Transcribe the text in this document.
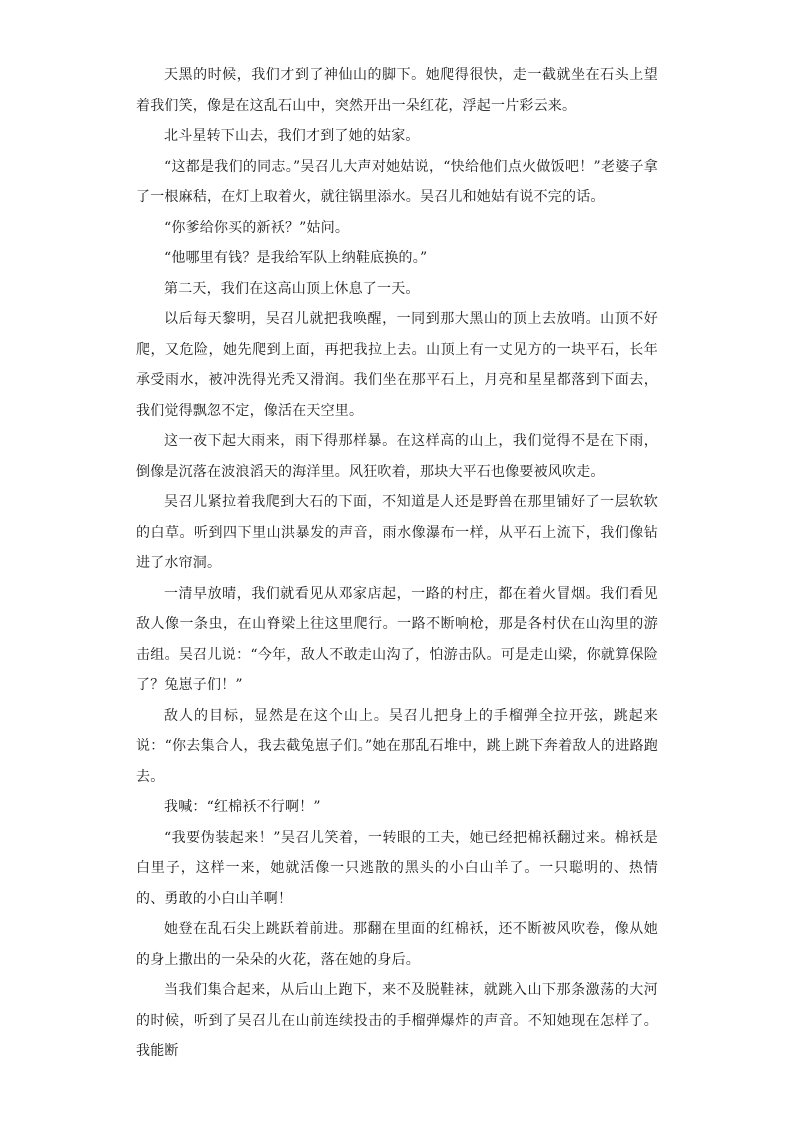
天黑的时候，我们才到了神仙山的脚下。她爬得很快，走一截就坐在石头上望着我们笑，像是在这乱石山中，突然开出一朵红花，浮起一片彩云来。

北斗星转下山去，我们才到了她的姑家。

“这都是我们的同志。”吴召儿大声对她姑说，“快给他们点火做饭吧！”老婆子拿了一根麻秸，在灯上取着火，就往锅里添水。吴召儿和她姑有说不完的话。

“你爹给你买的新袄？”姑问。

“他哪里有钱？是我给军队上纳鞋底换的。”

第二天，我们在这高山顶上休息了一天。

以后每天黎明，吴召儿就把我唤醒，一同到那大黑山的顶上去放哨。山顶不好爬，又危险，她先爬到上面，再把我拉上去。山顶上有一丈见方的一块平石，长年承受雨水，被冲洗得光秃又滑润。我们坐在那平石上，月亮和星星都落到下面去，我们觉得飘忽不定，像活在天空里。

这一夜下起大雨来，雨下得那样暴。在这样高的山上，我们觉得不是在下雨，倒像是沉落在波浪滔天的海洋里。风狂吹着，那块大平石也像要被风吹走。

吴召儿紧拉着我爬到大石的下面，不知道是人还是野兽在那里铺好了一层软软的白草。听到四下里山洪暴发的声音，雨水像瀑布一样，从平石上流下，我们像钻进了水帘洞。

一清早放晴，我们就看见从邓家店起，一路的村庄，都在着火冒烟。我们看见敌人像一条虫，在山脊梁上往这里爬行。一路不断响枪，那是各村伏在山沟里的游击组。吴召儿说：“今年，敌人不敢走山沟了，怕游击队。可是走山梁，你就算保险了？兔崽子们！”

敌人的目标，显然是在这个山上。吴召儿把身上的手榴弹全拉开弦，跳起来说：“你去集合人，我去截兔崽子们。”她在那乱石堆中，跳上跳下奔着敌人的进路跑去。

我喊：“红棉袄不行啊！”

“我要伪装起来！”吴召儿笑着，一转眼的工夫，她已经把棉袄翻过来。棉袄是白里子，这样一来，她就活像一只逃散的黑头的小白山羊了。一只聪明的、热情的、勇敢的小白山羊啊！

她登在乱石尖上跳跃着前进。那翻在里面的红棉袄，还不断被风吹卷，像从她的身上撒出的一朵朵的火花，落在她的身后。

当我们集合起来，从后山上跑下，来不及脱鞋袜，就跳入山下那条激荡的大河的时候，听到了吴召儿在山前连续投击的手榴弹爆炸的声音。不知她现在怎样了。我能断
